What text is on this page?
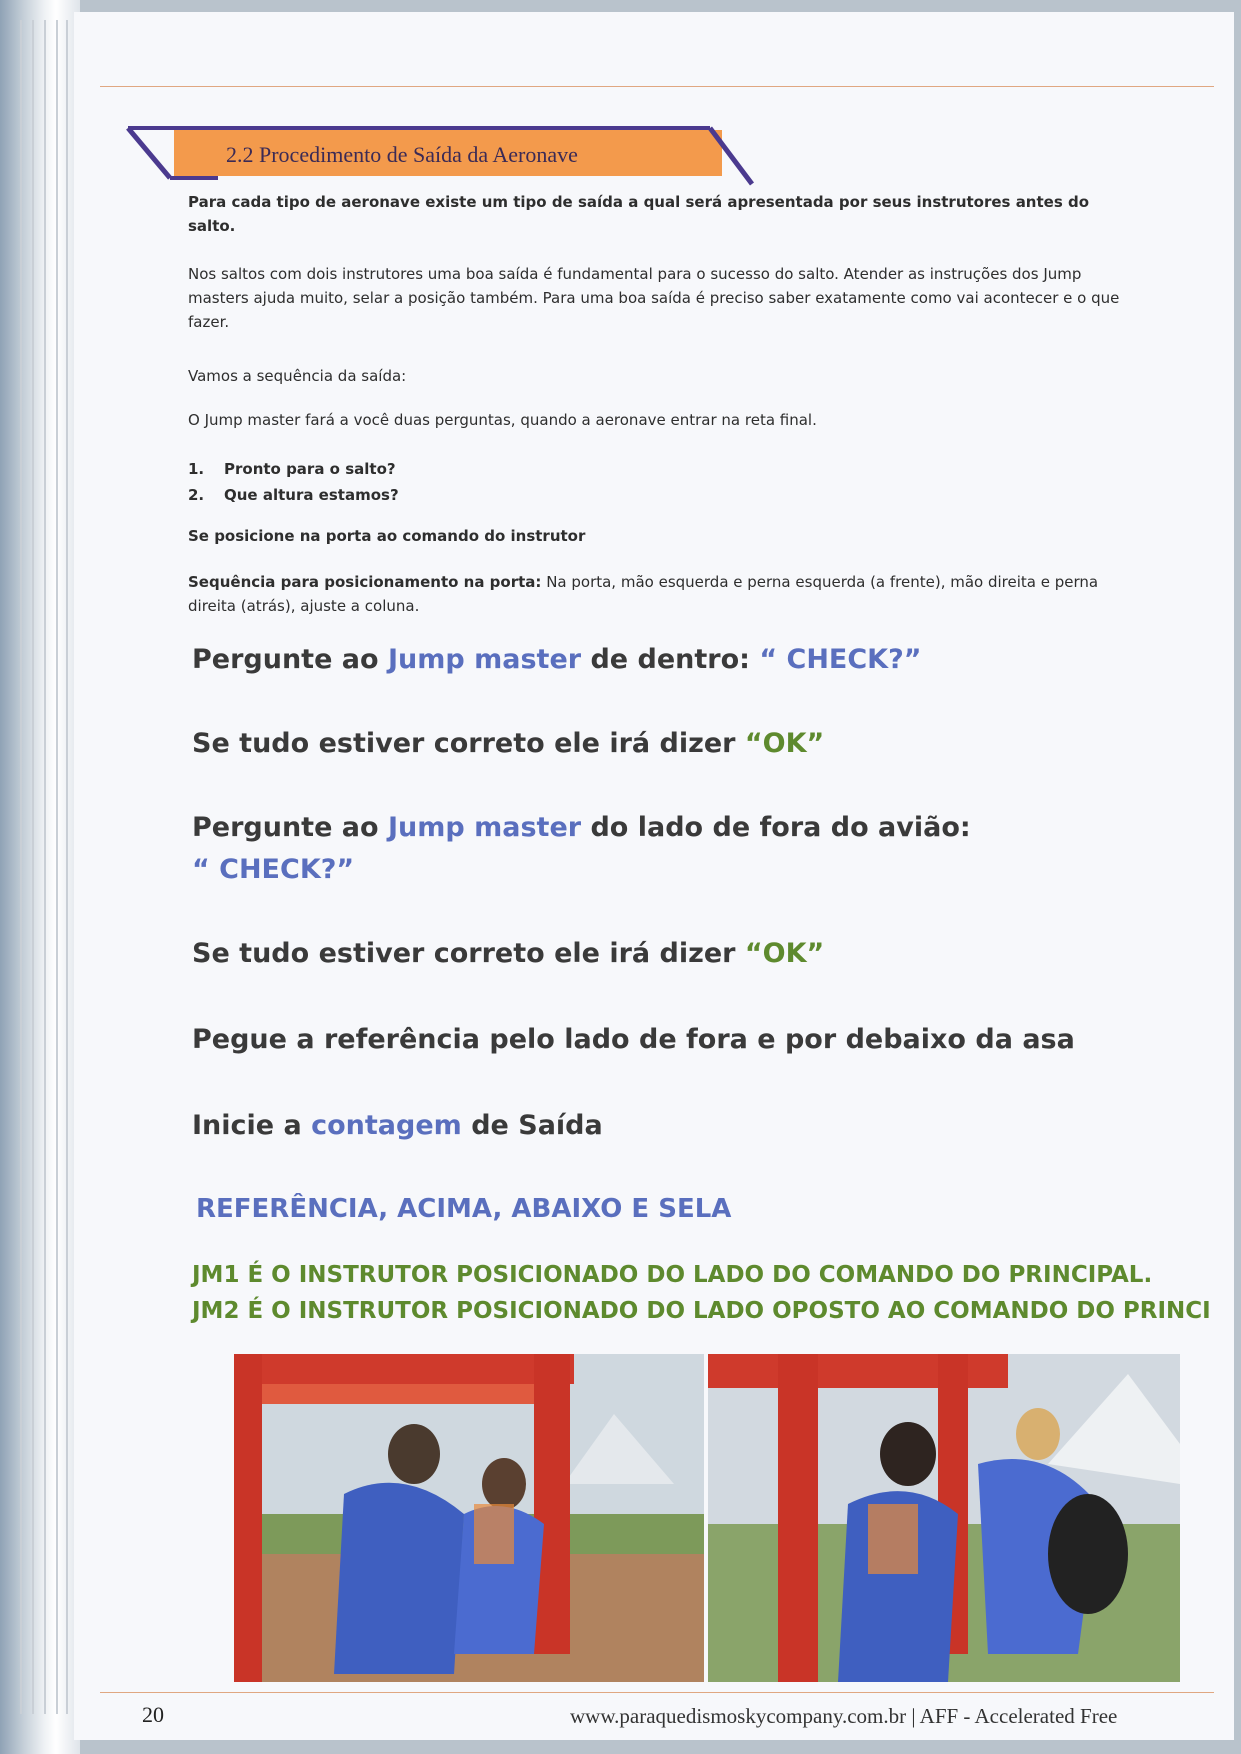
2.2 Procedimento de Saída da Aeronave
Para cada tipo de aeronave existe um tipo de saída a qual será apresentada por seus instrutores antes do salto.
Nos saltos com dois instrutores uma boa saída é fundamental para o sucesso do salto. Atender as instruções dos Jump masters ajuda muito, selar a posição também. Para uma boa saída é preciso saber exatamente como vai acontecer e o que fazer.
Vamos a sequência da saída:
O Jump master fará a você duas perguntas, quando a aeronave entrar na reta final.
1. Pronto para o salto?
2. Que altura estamos?
Se posicione na porta ao comando do instrutor
Sequência para posicionamento na porta: Na porta, mão esquerda e perna esquerda (a frente), mão direita e perna direita (atrás), ajuste a coluna.
Pergunte ao Jump master de dentro: “ CHECK?”
Se tudo estiver correto ele irá dizer “OK”
Pergunte ao Jump master do lado de fora do avião:
“ CHECK?”
Se tudo estiver correto ele irá dizer “OK”
Pegue a referência pelo lado de fora e por debaixo da asa
Inicie a contagem de Saída
REFERÊNCIA, ACIMA, ABAIXO E SELA
JM1 É O INSTRUTOR POSICIONADO DO LADO DO COMANDO DO PRINCIPAL.
JM2 É O INSTRUTOR POSICIONADO DO LADO OPOSTO AO COMANDO DO PRINCI
20	www.paraquedismoskycompany.com.br | AFF - Accelerated Free
